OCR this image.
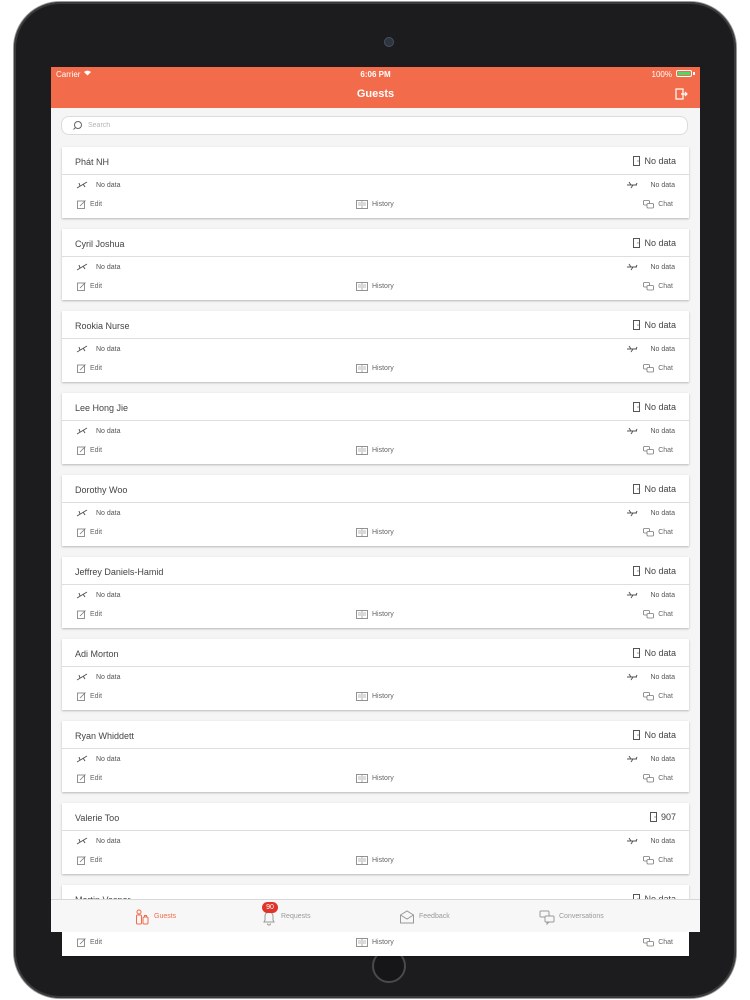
Carrier	6:06 PM	100%
Guests
Search
Phát NH	No data
No data	No data
Edit	History	Chat
Cyril Joshua	No data
No data	No data
Edit	History	Chat
Rookia Nurse	No data
No data	No data
Edit	History	Chat
Lee Hong Jie	No data
No data	No data
Edit	History	Chat
Dorothy Woo	No data
No data	No data
Edit	History	Chat
Jeffrey Daniels-Hamid	No data
No data	No data
Edit	History	Chat
Adi Morton	No data
No data	No data
Edit	History	Chat
Ryan Whiddett	No data
No data	No data
Edit	History	Chat
Valerie Too	907
No data	No data
Edit	History	Chat
Edit	History	Chat
Guests	Requests
90
Feedback	Conversations
